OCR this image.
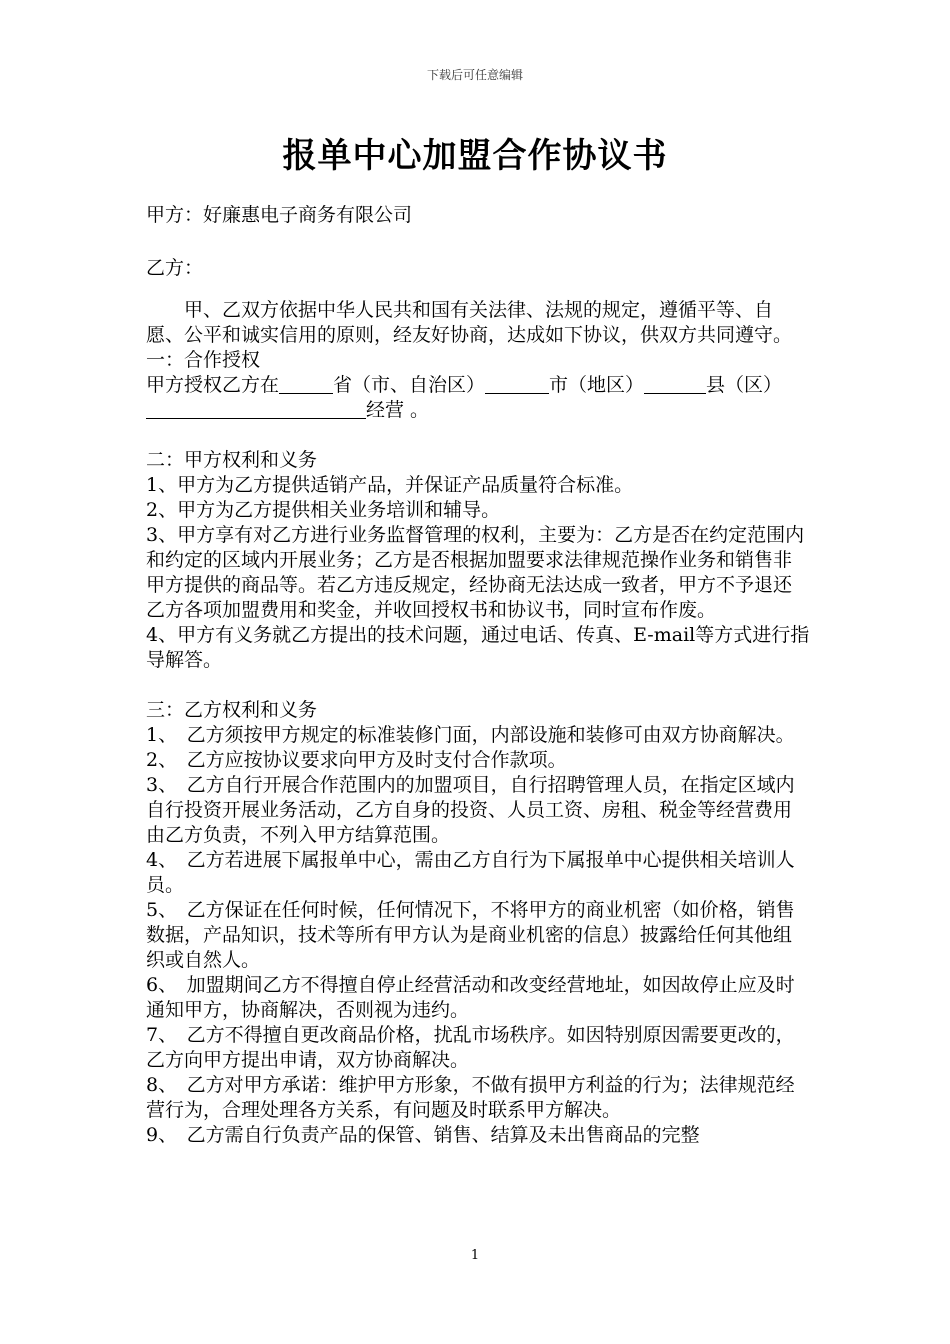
下载后可任意编辑
报单中心加盟合作协议书
甲方：好廉惠电子商务有限公司
乙方：

甲、乙双方依据中华人民共和国有关法律、法规的规定，遵循平等、自愿、公平和诚实信用的原则，经友好协商，达成如下协议，供双方共同遵守。

一：合作授权

甲方授权乙方在	省（市、自治区）	市（地区）	县（区）经营 。

二：甲方权利和义务

1、甲方为乙方提供适销产品，并保证产品质量符合标准。

2、甲方为乙方提供相关业务培训和辅导。

3、甲方享有对乙方进行业务监督管理的权利，主要为：乙方是否在约定范围内和约定的区域内开展业务；乙方是否根据加盟要求法律规范操作业务和销售非甲方提供的商品等。若乙方违反规定，经协商无法达成一致者，甲方不予退还乙方各项加盟费用和奖金，并收回授权书和协议书，同时宣布作废。

4、甲方有义务就乙方提出的技术问题，通过电话、传真、E-mail等方式进行指导解答。

三：乙方权利和义务

1、　乙方须按甲方规定的标准装修门面，内部设施和装修可由双方协商解决。

2、　乙方应按协议要求向甲方及时支付合作款项。

3、　乙方自行开展合作范围内的加盟项目，自行招聘管理人员，在指定区域内自行投资开展业务活动，乙方自身的投资、人员工资、房租、税金等经营费用由乙方负责，不列入甲方结算范围。

4、　乙方若进展下属报单中心，需由乙方自行为下属报单中心提供相关培训人员。

5、　乙方保证在任何时候，任何情况下，不将甲方的商业机密（如价格，销售数据，产品知识，技术等所有甲方认为是商业机密的信息）披露给任何其他组织或自然人。

6、　加盟期间乙方不得擅自停止经营活动和改变经营地址，如因故停止应及时通知甲方，协商解决，否则视为违约。

7、　乙方不得擅自更改商品价格，扰乱市场秩序。如因特别原因需要更改的，乙方向甲方提出申请，双方协商解决。

8、　乙方对甲方承诺：维护甲方形象，不做有损甲方利益的行为；法律规范经营行为，合理处理各方关系，有问题及时联系甲方解决。

9、　乙方需自行负责产品的保管、销售、结算及未出售商品的完整

1
